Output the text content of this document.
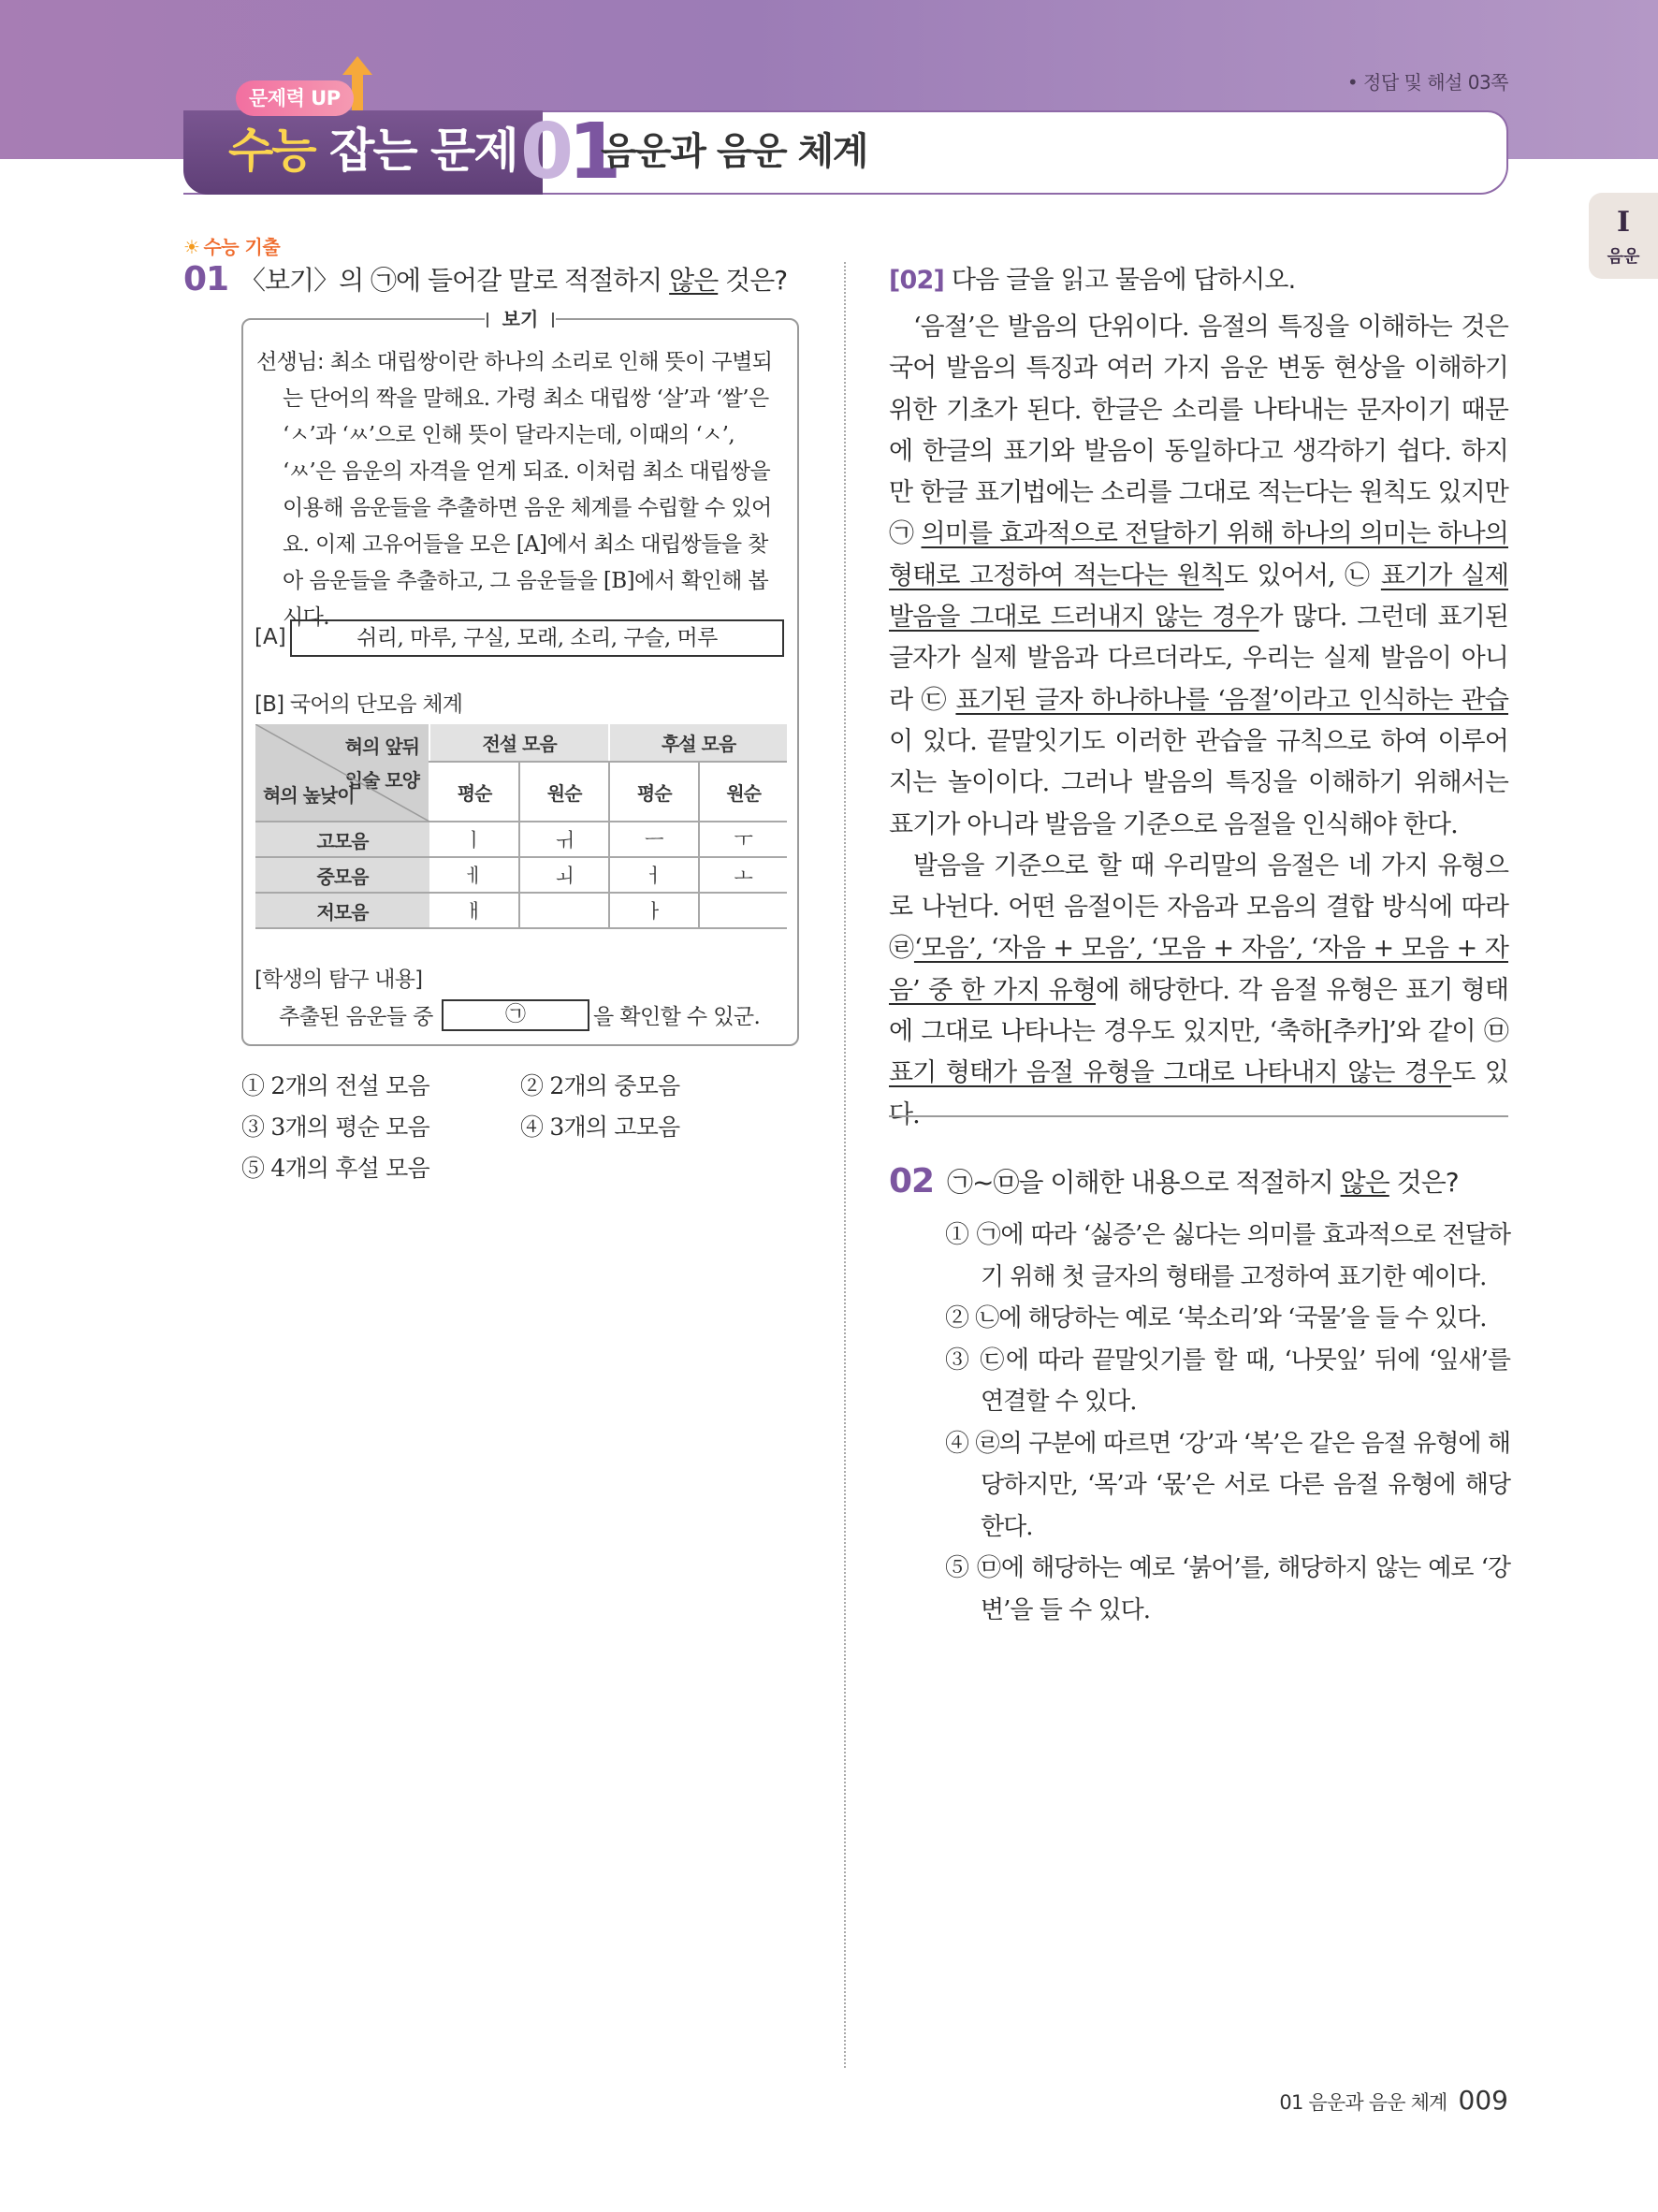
• 정답 및 해설 03쪽
문제력 UP
수능 잡는 문제 01
음운과 음운 체계
I
음운
☀ 수능 기출
01 〈보기〉의 ㉠에 들어갈 말로 적절하지 않은 것은?
보기

선생님: 최소 대립쌍이란 하나의 소리로 인해 뜻이 구별되는 단어의 짝을 말해요. 가령 최소 대립쌍 ‘살’과 ‘쌀’은 ‘ㅅ’과 ‘ㅆ’으로 인해 뜻이 달라지는데, 이때의 ‘ㅅ’, ‘ㅆ’은 음운의 자격을 얻게 되죠. 이처럼 최소 대립쌍을 이용해 음운들을 추출하면 음운 체계를 수립할 수 있어요. 이제 고유어들을 모은 [A]에서 최소 대립쌍들을 찾아 음운들을 추출하고, 그 음운들을 [B]에서 확인해 봅시다.

[A]	쉬리, 마루, 구실, 모래, 소리, 구슬, 머루
[B] 국어의 단모음 체계
혀의 앞뒤
입술 모양
혀의 높낮이	전설 모음		후설 모음	
	평순	원순	평순	원순
고모음	ㅣ	ㅟ	ㅡ	ㅜ
중모음	ㅔ	ㅚ	ㅓ	ㅗ
저모음	ㅐ		ㅏ	
[학생의 탐구 내용]
추출된 음운들 중	㉠	을 확인할 수 있군.
① 2개의 전설 모음	② 2개의 중모음
③ 3개의 평순 모음	④ 3개의 고모음
⑤ 4개의 후설 모음
[02] 다음 글을 읽고 물음에 답하시오.

‘음절’은 발음의 단위이다. 음절의 특징을 이해하는 것은 국어 발음의 특징과 여러 가지 음운 변동 현상을 이해하기 위한 기초가 된다. 한글은 소리를 나타내는 문자이기 때문에 한글의 표기와 발음이 동일하다고 생각하기 쉽다. 하지만 한글 표기법에는 소리를 그대로 적는다는 원칙도 있지만 ㉠ 의미를 효과적으로 전달하기 위해 하나의 의미는 하나의 형태로 고정하여 적는다는 원칙도 있어서, ㉡ 표기가 실제 발음을 그대로 드러내지 않는 경우가 많다. 그런데 표기된 글자가 실제 발음과 다르더라도, 우리는 실제 발음이 아니라 ㉢ 표기된 글자 하나하나를 ‘음절’이라고 인식하는 관습이 있다. 끝말잇기도 이러한 관습을 규칙으로 하여 이루어지는 놀이이다. 그러나 발음의 특징을 이해하기 위해서는 표기가 아니라 발음을 기준으로 음절을 인식해야 한다.

발음을 기준으로 할 때 우리말의 음절은 네 가지 유형으로 나뉜다. 어떤 음절이든 자음과 모음의 결합 방식에 따라 ㉣‘모음’, ‘자음 + 모음’, ‘모음 + 자음’, ‘자음 + 모음 + 자음’ 중 한 가지 유형에 해당한다. 각 음절 유형은 표기 형태에 그대로 나타나는 경우도 있지만, ‘축하[추카]’와 같이 ㉤ 표기 형태가 음절 유형을 그대로 나타내지 않는 경우도 있다.

02 ㉠~㉤을 이해한 내용으로 적절하지 않은 것은?

① ㉠에 따라 ‘싫증’은 싫다는 의미를 효과적으로 전달하기 위해 첫 글자의 형태를 고정하여 표기한 예이다.

② ㉡에 해당하는 예로 ‘북소리’와 ‘국물’을 들 수 있다.

③ ㉢에 따라 끝말잇기를 할 때, ‘나뭇잎’ 뒤에 ‘잎새’를 연결할 수 있다.

④ ㉣의 구분에 따르면 ‘강’과 ‘복’은 같은 음절 유형에 해당하지만, ‘목’과 ‘몫’은 서로 다른 음절 유형에 해당한다.

⑤ ㉤에 해당하는 예로 ‘붉어’를, 해당하지 않는 예로 ‘강변’을 들 수 있다.

01 음운과 음운 체계 009
